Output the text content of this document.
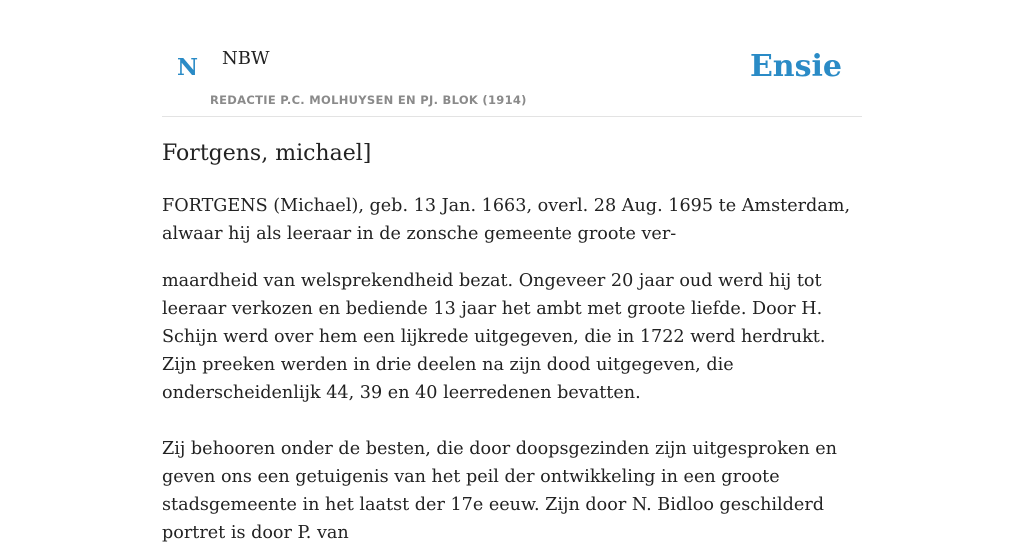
N NBW
REDACTIE P.C. MOLHUYSEN EN PJ. BLOK (1914)
Ensie
Fortgens, michael]

FORTGENS (Michael), geb. 13 Jan. 1663, overl. 28 Aug. 1695 te Amsterdam, alwaar hij als leeraar in de zonsche gemeente groote ver-

maardheid van welsprekendheid bezat. Ongeveer 20 jaar oud werd hij tot leeraar verkozen en bediende 13 jaar het ambt met groote liefde. Door H. Schijn werd over hem een lijkrede uitgegeven, die in 1722 werd herdrukt. Zijn preeken werden in drie deelen na zijn dood uitgegeven, die onderscheidenlijk 44, 39 en 40 leerredenen bevatten.

Zij behooren onder de besten, die door doopsgezinden zijn uitgesproken en geven ons een getuigenis van het peil der ontwikkeling in een groote stadsgemeente in het laatst der 17e eeuw. Zijn door N. Bidloo geschilderd portret is door P. van
